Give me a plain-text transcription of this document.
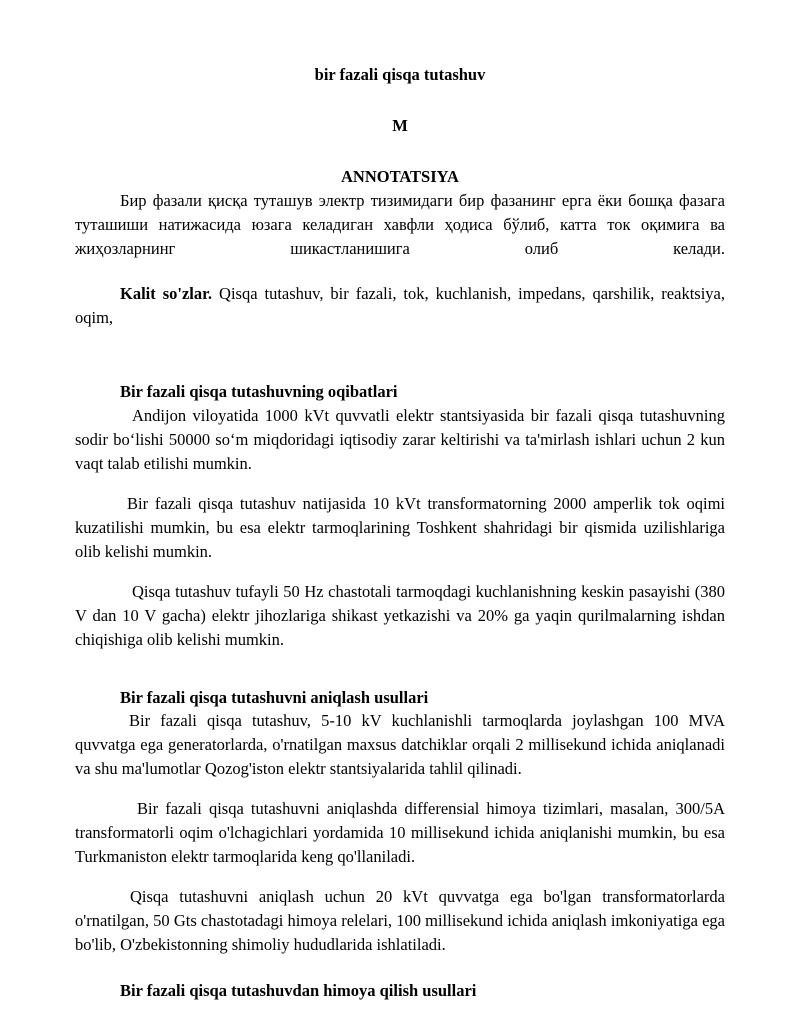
bir fazali qisqa tutashuv
M
ANNOTATSIYA

Бир фазали қисқа туташув электр тизимидаги бир фазанинг ерга ёки бошқа фазага туташиши натижасида юзага келадиган хавфли ҳодиса бўлиб, катта ток оқимига ва жиҳозларнинг шикастланишига олиб келади.

Kalit so'zlar. Qisqa tutashuv, bir fazali, tok, kuchlanish, impedans, qarshilik, reaktsiya, oqim,

Bir fazali qisqa tutashuvning oqibatlari

Andijon viloyatida 1000 kVt quvvatli elektr stantsiyasida bir fazali qisqa tutashuvning sodir boʻlishi 50000 soʻm miqdoridagi iqtisodiy zarar keltirishi va ta'mirlash ishlari uchun 2 kun vaqt talab etilishi mumkin.

Bir fazali qisqa tutashuv natijasida 10 kVt transformatorning 2000 amperlik tok oqimi kuzatilishi mumkin, bu esa elektr tarmoqlarining Toshkent shahridagi bir qismida uzilishlariga olib kelishi mumkin.

Qisqa tutashuv tufayli 50 Hz chastotali tarmoqdagi kuchlanishning keskin pasayishi (380 V dan 10 V gacha) elektr jihozlariga shikast yetkazishi va 20% ga yaqin qurilmalarning ishdan chiqishiga olib kelishi mumkin.

Bir fazali qisqa tutashuvni aniqlash usullari

Bir fazali qisqa tutashuv, 5-10 kV kuchlanishli tarmoqlarda joylashgan 100 MVA quvvatga ega generatorlarda, o'rnatilgan maxsus datchiklar orqali 2 millisekund ichida aniqlanadi va shu ma'lumotlar Qozog'iston elektr stantsiyalarida tahlil qilinadi.

Bir fazali qisqa tutashuvni aniqlashda differensial himoya tizimlari, masalan, 300/5A transformatorli oqim o'lchagichlari yordamida 10 millisekund ichida aniqlanishi mumkin, bu esa Turkmaniston elektr tarmoqlarida keng qo'llaniladi.

Qisqa tutashuvni aniqlash uchun 20 kVt quvvatga ega bo'lgan transformatorlarda o'rnatilgan, 50 Gts chastotadagi himoya relelari, 100 millisekund ichida aniqlash imkoniyatiga ega bo'lib, O'zbekistonning shimoliy hududlarida ishlatiladi.

Bir fazali qisqa tutashuvdan himoya qilish usullari
